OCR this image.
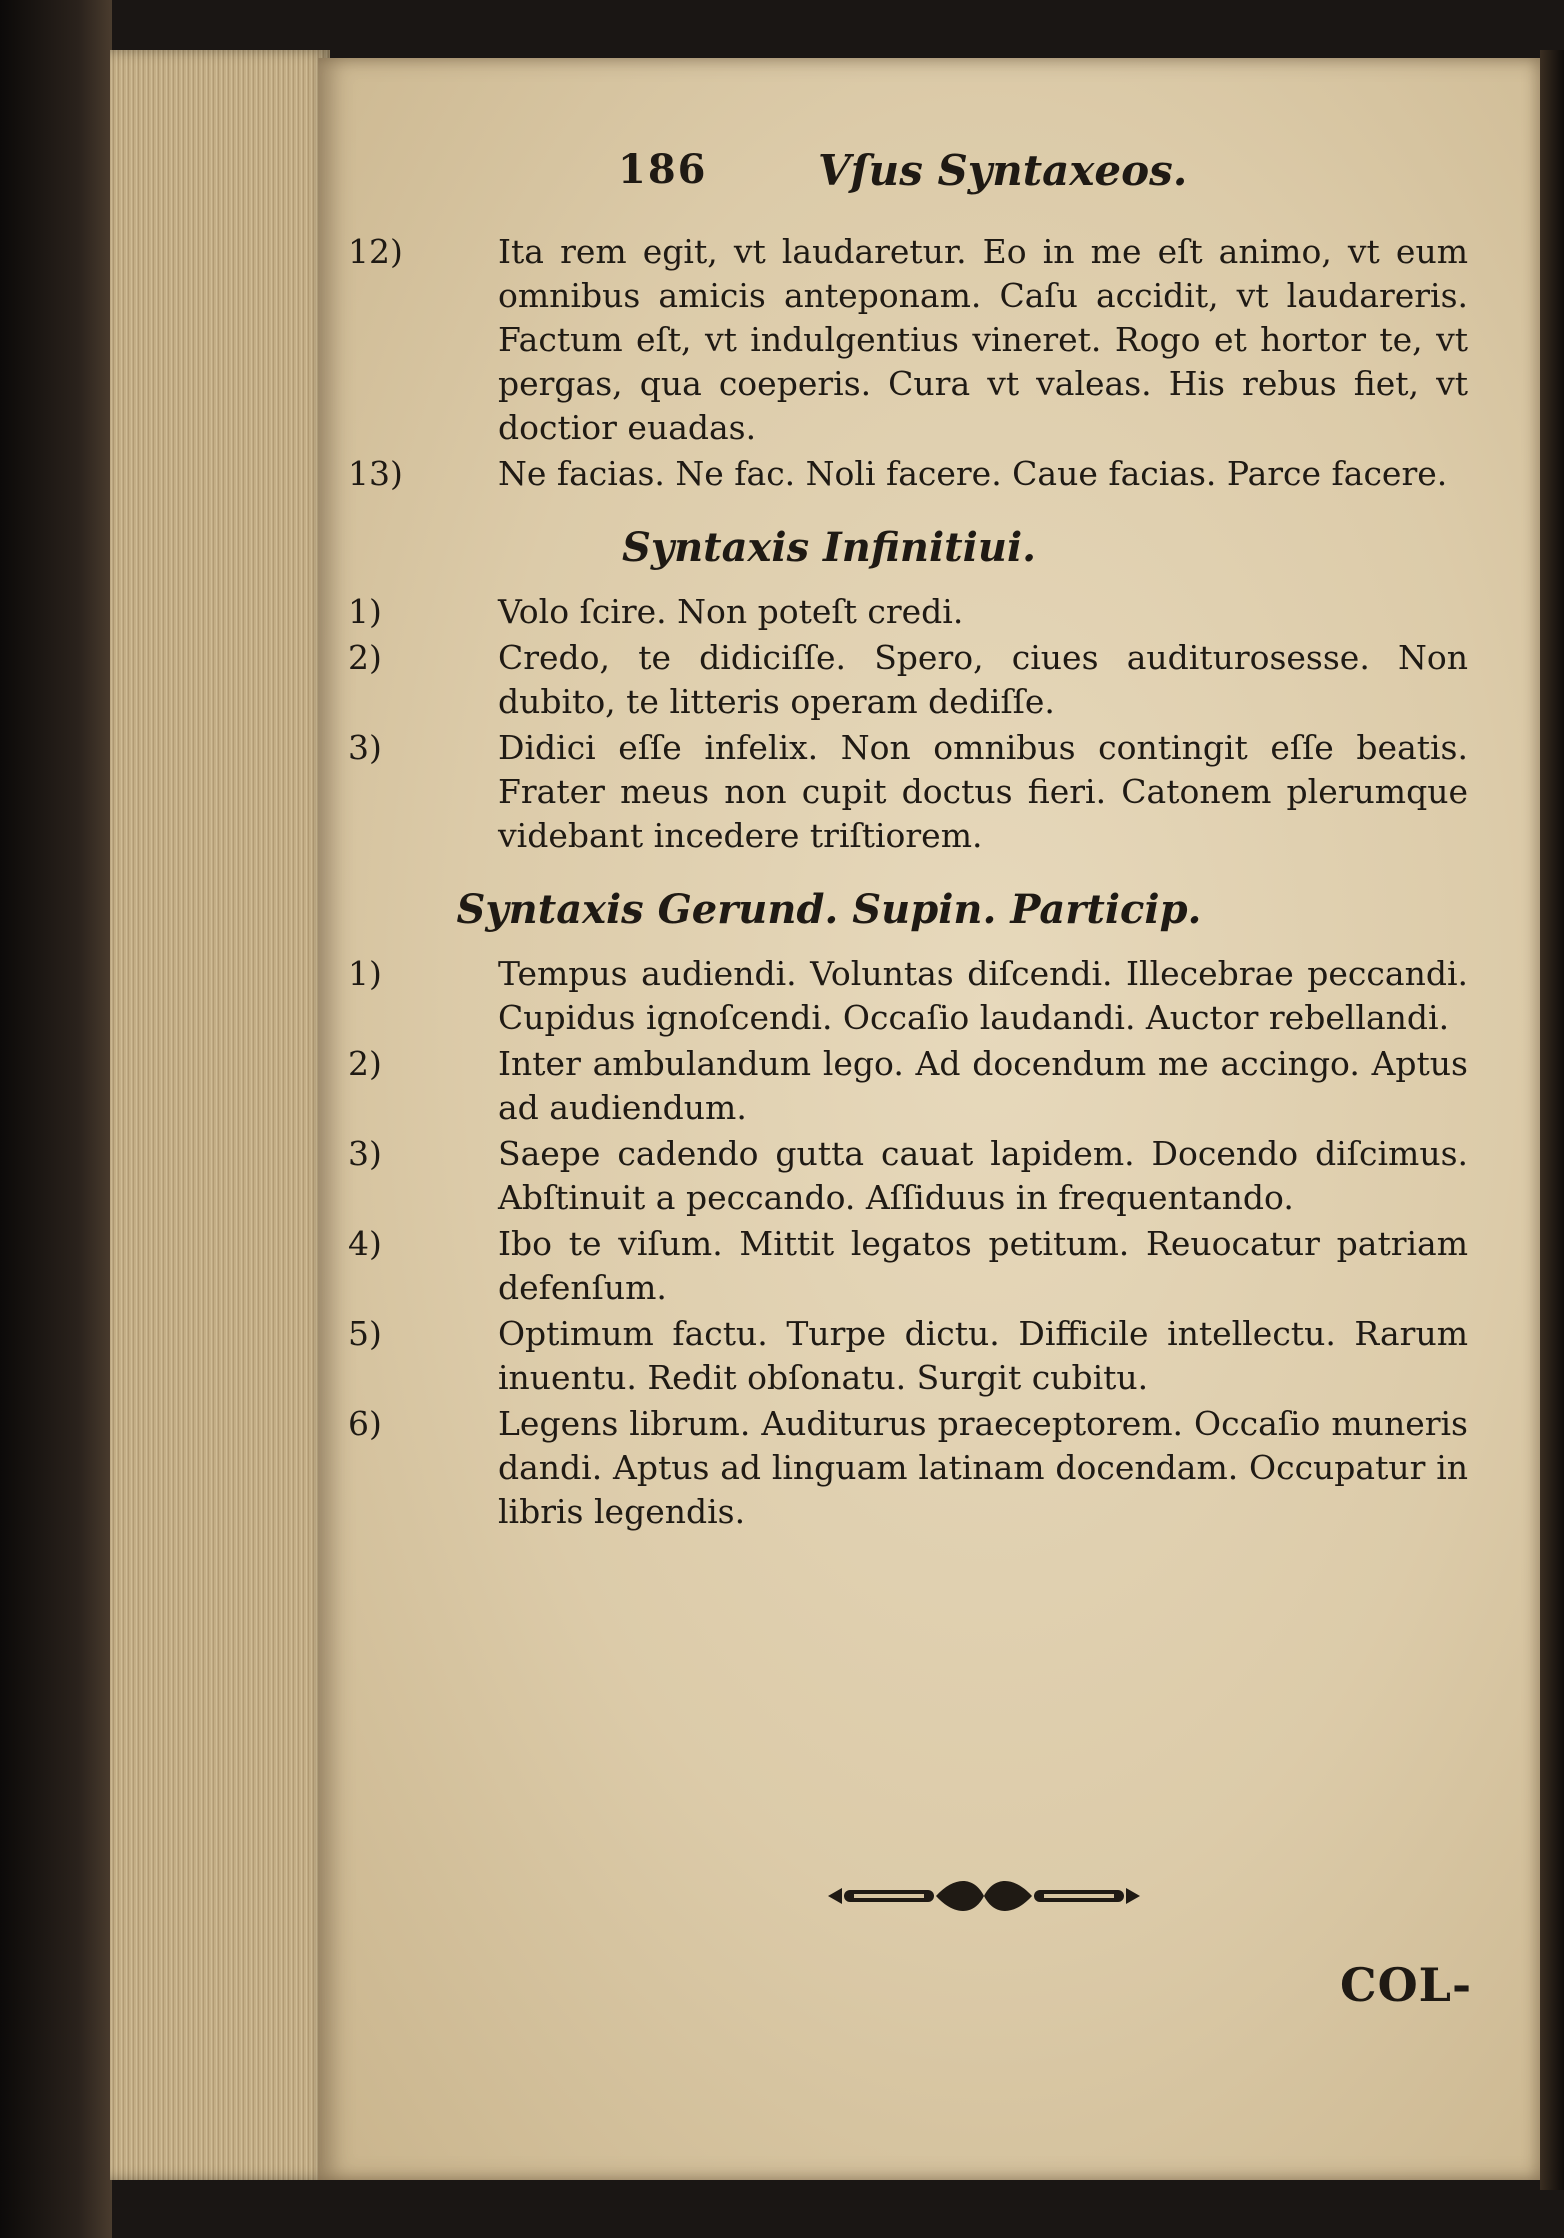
186	Vſus Syntaxeos.
12)	Ita rem egit, vt laudaretur. Eo in me eſt animo, vt eum omnibus amicis anteponam. Caſu accidit, vt laudareris. Factum eſt, vt indulgentius vineret. Rogo et hortor te, vt pergas, qua coeperis. Cura vt valeas. His rebus fiet, vt doctior euadas.
13)	Ne facias. Ne fac. Noli facere. Caue facias. Parce facere.
Syntaxis Infinitiui.
1)	Volo ſcire. Non poteſt credi.
2)	Credo, te didiciſſe. Spero, ciues auditurosesse. Non dubito, te litteris operam dediſſe.
3)	Didici eſſe infelix. Non omnibus contingit eſſe beatis. Frater meus non cupit doctus fieri. Catonem plerumque videbant incedere triſtiorem.
Syntaxis Gerund. Supin. Particip.
1)	Tempus audiendi. Voluntas diſcendi. Illecebrae peccandi. Cupidus ignoſcendi. Occaſio laudandi. Auctor rebellandi.
2)	Inter ambulandum lego. Ad docendum me accingo. Aptus ad audiendum.
3)	Saepe cadendo gutta cauat lapidem. Docendo diſcimus. Abſtinuit a peccando. Aſſiduus in frequentando.
4)	Ibo te viſum. Mittit legatos petitum. Reuocatur patriam defenſum.
5)	Optimum factu. Turpe dictu. Difficile intellectu. Rarum inuentu. Redit obſonatu. Surgit cubitu.
6)	Legens librum. Auditurus praeceptorem. Occaſio muneris dandi. Aptus ad linguam latinam docendam. Occupatur in libris legendis.
COL-
